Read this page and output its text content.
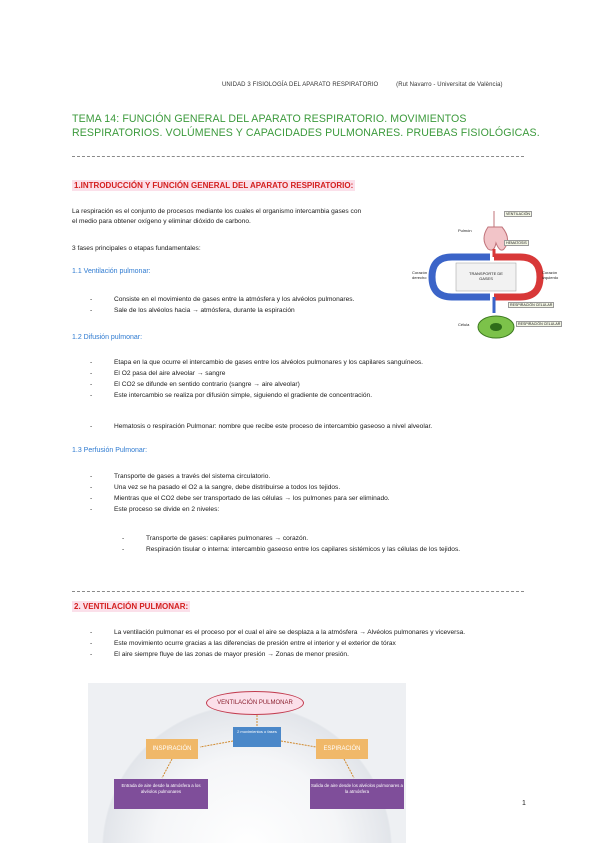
UNIDAD 3 FISIOLOGÍA DEL APARATO RESPIRATORIO	(Rut Navarro - Universitat de València)
TEMA 14: FUNCIÓN GENERAL DEL APARATO RESPIRATORIO. MOVIMIENTOS RESPIRATORIOS. VOLÚMENES Y CAPACIDADES PULMONARES. PRUEBAS FISIOLÓGICAS.
1.INTRODUCCIÓN Y FUNCIÓN GENERAL DEL APARATO RESPIRATORIO:
La respiración es el conjunto de procesos mediante los cuales el organismo intercambia gases con el medio para obtener oxígeno y eliminar dióxido de carbono.
3 fases principales o etapas fundamentales:
1.1 Ventilación pulmonar:
- Consiste en el movimiento de gases entre la atmósfera y los alvéolos pulmonares.
- Sale de los alvéolos hacia → atmósfera, durante la espiración
1.2 Difusión pulmonar:
- Etapa en la que ocurre el intercambio de gases entre los alvéolos pulmonares y los capilares sanguíneos.
- El O2 pasa del aire alveolar → sangre
- El CO2 se difunde en sentido contrario (sangre → aire alveolar)
- Este intercambio se realiza por difusión simple, siguiendo el gradiente de concentración.
- Hematosis o respiración Pulmonar: nombre que recibe este proceso de intercambio gaseoso a nivel alveolar.
1.3 Perfusión Pulmonar:
- Transporte de gases a través del sistema circulatorio.
- Una vez se ha pasado el O2 a la sangre, debe distribuirse a todos los tejidos.
- Mientras que el CO2 debe ser transportado de las células → los pulmones para ser eliminado.
- Este proceso se divide en 2 niveles:
- Transporte de gases: capilares pulmonares → corazón.
- Respiración tisular o interna: intercambio gaseoso entre los capilares sistémicos y las células de los tejidos.
VENTILACIÓN
HEMATOSIS
TRANSPORTE DE GASES
RESPIRACIÓN CELULAR
RESPIRACIÓN CELULAR
Pulmón
Corazón derecho
Corazón izquierdo
Célula
2. VENTILACIÓN PULMONAR:
- La ventilación pulmonar es el proceso por el cual el aire se desplaza a la atmósfera → Alvéolos pulmonares y viceversa.
- Este movimiento ocurre gracias a las diferencias de presión entre el interior y el exterior de tórax
- El aire siempre fluye de las zonas de mayor presión → Zonas de menor presión.
VENTILACIÓN PULMONAR
2 movimientos o fases
INSPIRACIÓN	ESPIRACIÓN
Entrada de aire desde la atmósfera a los alvéolos pulmonares
Salida de aire desde los alvéolos pulmonares a la atmósfera
1
